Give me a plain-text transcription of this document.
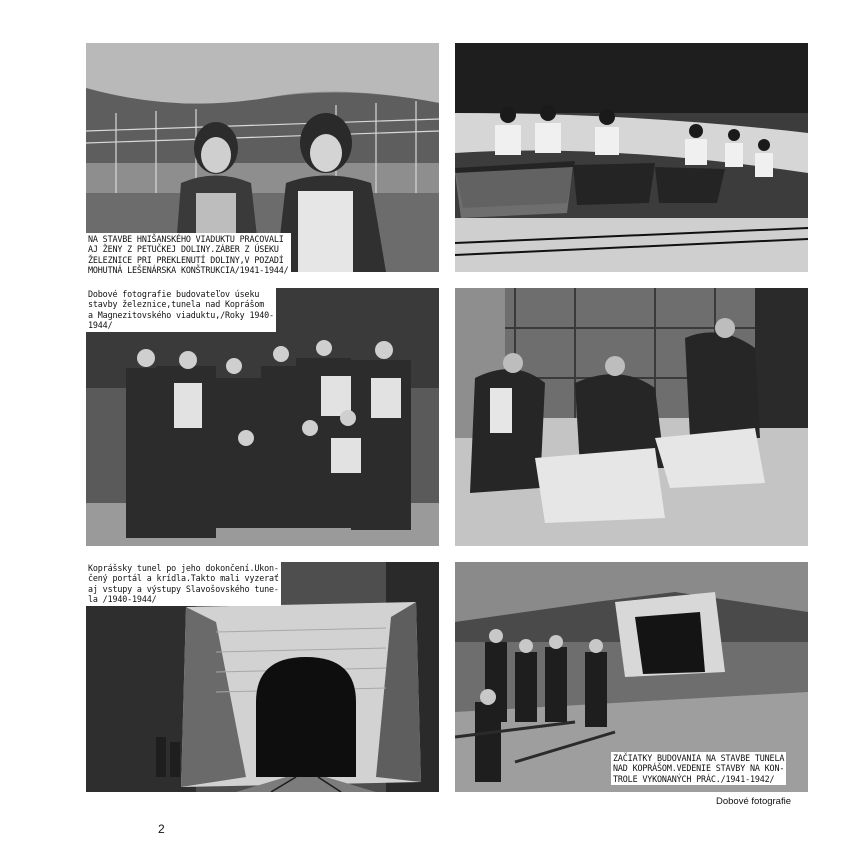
NA STAVBE HNIŠANSKÉHO VIADUKTU PRACOVALI
AJ ŽENY Z PETUČKEJ DOLINY.ZÁBER Z ÚSEKU
ŽELEZNICE PRI PREKLENUTÍ DOLINY,V POZADÍ
MOHUTNÁ LEŠENÁRSKA KONŠTRUKCIA/1941-1944/
Dobové fotografie budovateľov úseku
stavby železnice,tunela nad Koprášom
a Magnezitovského viaduktu,/Roky 1940-
1944/
Koprášsky tunel po jeho dokončení.Ukon-
čený portál a krídla.Takto mali vyzerať
aj vstupy a výstupy Slavošovského tune-
la /1940-1944/
ZAČIATKY BUDOVANIA NA STAVBE TUNELA
NAD KOPRÁŠOM.VEDENIE STAVBY NA KON-
TROLE VYKONANÝCH PRÁC./1941-1942/
Dobové fotografie
2
